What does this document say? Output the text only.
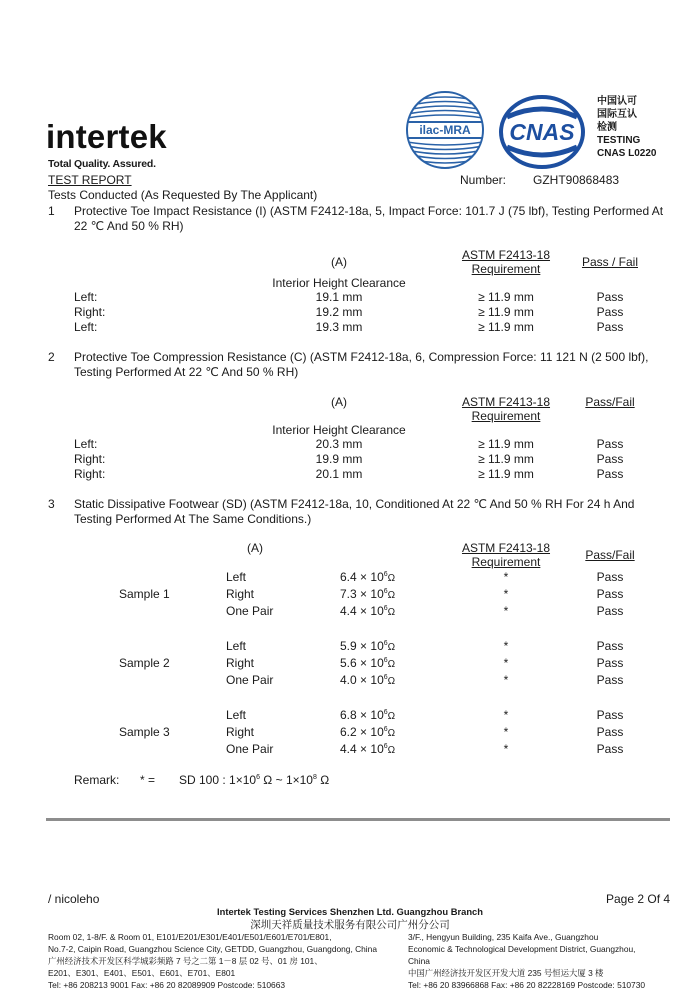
intertek
Total Quality. Assured.
ilac-MRA CNAS
中国认可
国际互认
检测
TESTING
CNAS L0220
TEST REPORT	Number: GZHT90868483
Tests Conducted (As Requested By The Applicant)
1 Protective Toe Impact Resistance (I) (ASTM F2412-18a, 5, Impact Force: 101.7 J (75 lbf), Testing Performed At
22 ℃ And 50 % RH)
(A)	ASTM F2413-18
Requirement	Pass / Fail
Interior Height Clearance
Left:	19.1 mm	≥ 11.9 mm	Pass
Right:	19.2 mm	≥ 11.9 mm	Pass
Left:	19.3 mm	≥ 11.9 mm	Pass
2 Protective Toe Compression Resistance (C) (ASTM F2412-18a, 6, Compression Force: 11 121 N (2 500 lbf),
Testing Performed At 22 ℃ And 50 % RH)
(A)	ASTM F2413-18
Requirement
Pass/Fail
Interior Height Clearance
Left:	20.3 mm	≥ 11.9 mm	Pass
Right:	19.9 mm	≥ 11.9 mm	Pass
Right:	20.1 mm	≥ 11.9 mm	Pass
3 Static Dissipative Footwear (SD) (ASTM F2412-18a, 10, Conditioned At 22 ℃ And 50 % RH For 24 h And
Testing Performed At The Same Conditions.)
(A)	ASTM F2413-18
Requirement	Pass/Fail
Sample 1
Left	$6.4 \times 10^6\Omega$	*	Pass
Right	$7.3 \times 10^6\Omega$	*	Pass
One Pair	$4.4 \times 10^6\Omega$	*	Pass
Sample 2
Left	$5.9 \times 10^6\Omega$	*	Pass
Right	$5.6 \times 10^6\Omega$	*	Pass
One Pair	$4.0 \times 10^6\Omega$	*	Pass
Sample 3
Left	$6.8 \times 10^6\Omega$	*	Pass
Right	$6.2 \times 10^6\Omega$	*	Pass
One Pair	$4.4 \times 10^6\Omega$	*	Pass
Remark: * = SD 100 : $1\times 10^6$ Ω ~ $1\times 10^8$ Ω
/ nicoleho	Page 2 Of 4
Intertek Testing Services Shenzhen Ltd. Guangzhou Branch
深圳天祥质量技术服务有限公司广州分公司
Room 02, 1-8/F. & Room 01, E101/E201/E301/E401/E501/E601/E701/E801,
No.7-2, Caipin Road, Guangzhou Science City, GETDD, Guangzhou, Guangdong, China
广州经济技术开发区科学城彩频路 7 号之二第 1－8 层 02 号、01 房 101、
E201、E301、E401、E501、E601、E701、E801
Tel: +86 208213 9001 Fax: +86 20 82089909 Postcode: 510663
3/F., Hengyun Building, 235 Kaifa Ave., Guangzhou
Economic & Technological Development District, Guangzhou,
China
中国广州经济技开发区开发大道 235 号恒运大厦 3 楼
Tel: +86 20 83966868 Fax: +86 20 82228169 Postcode: 510730
